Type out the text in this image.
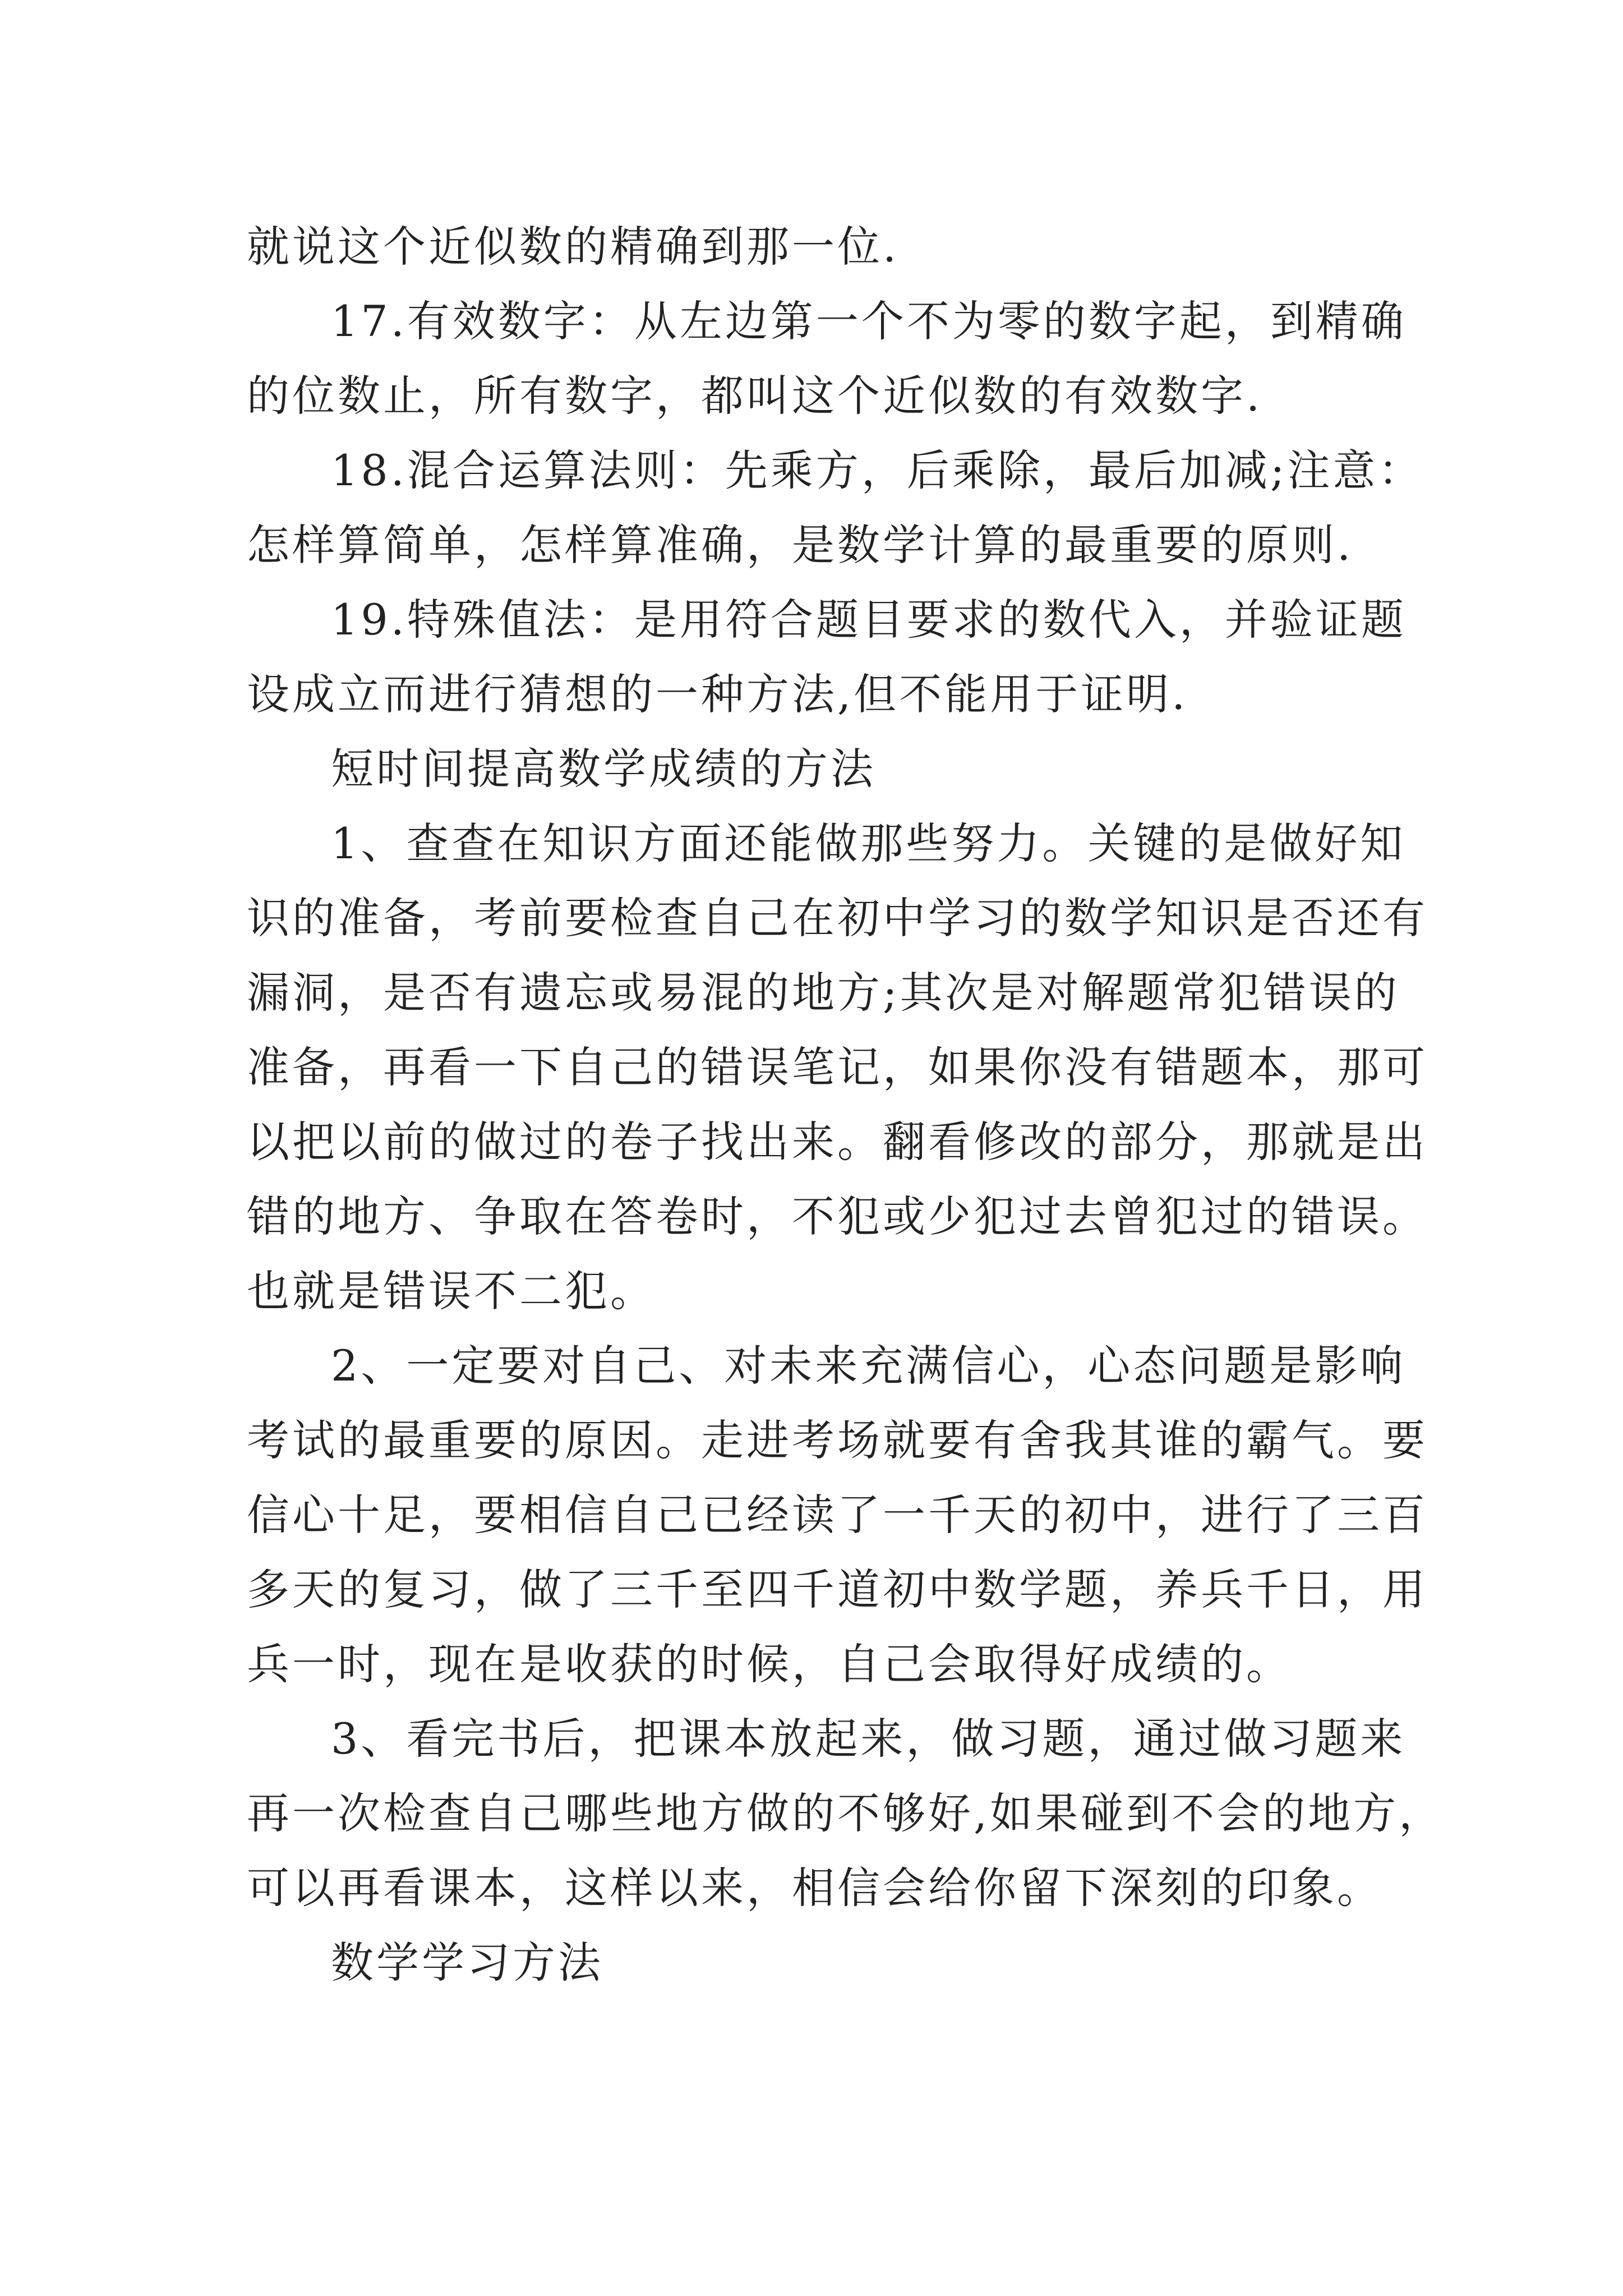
就说这个近似数的精确到那一位.
17.有效数字：从左边第一个不为零的数字起，到精确
的位数止，所有数字，都叫这个近似数的有效数字.
18.混合运算法则：先乘方，后乘除，最后加减;注意：
怎样算简单，怎样算准确，是数学计算的最重要的原则.
19.特殊值法：是用符合题目要求的数代入，并验证题
设成立而进行猜想的一种方法,但不能用于证明.
短时间提高数学成绩的方法
1、查查在知识方面还能做那些努力。关键的是做好知
识的准备，考前要检查自己在初中学习的数学知识是否还有
漏洞，是否有遗忘或易混的地方;其次是对解题常犯错误的
准备，再看一下自己的错误笔记，如果你没有错题本，那可
以把以前的做过的卷子找出来。翻看修改的部分，那就是出
错的地方、争取在答卷时，不犯或少犯过去曾犯过的错误。
也就是错误不二犯。
2、一定要对自己、对未来充满信心，心态问题是影响
考试的最重要的原因。走进考场就要有舍我其谁的霸气。要
信心十足，要相信自己已经读了一千天的初中，进行了三百
多天的复习，做了三千至四千道初中数学题，养兵千日，用
兵一时，现在是收获的时候，自己会取得好成绩的。
3、看完书后，把课本放起来，做习题，通过做习题来
再一次检查自己哪些地方做的不够好,如果碰到不会的地方，
可以再看课本，这样以来，相信会给你留下深刻的印象。
数学学习方法
